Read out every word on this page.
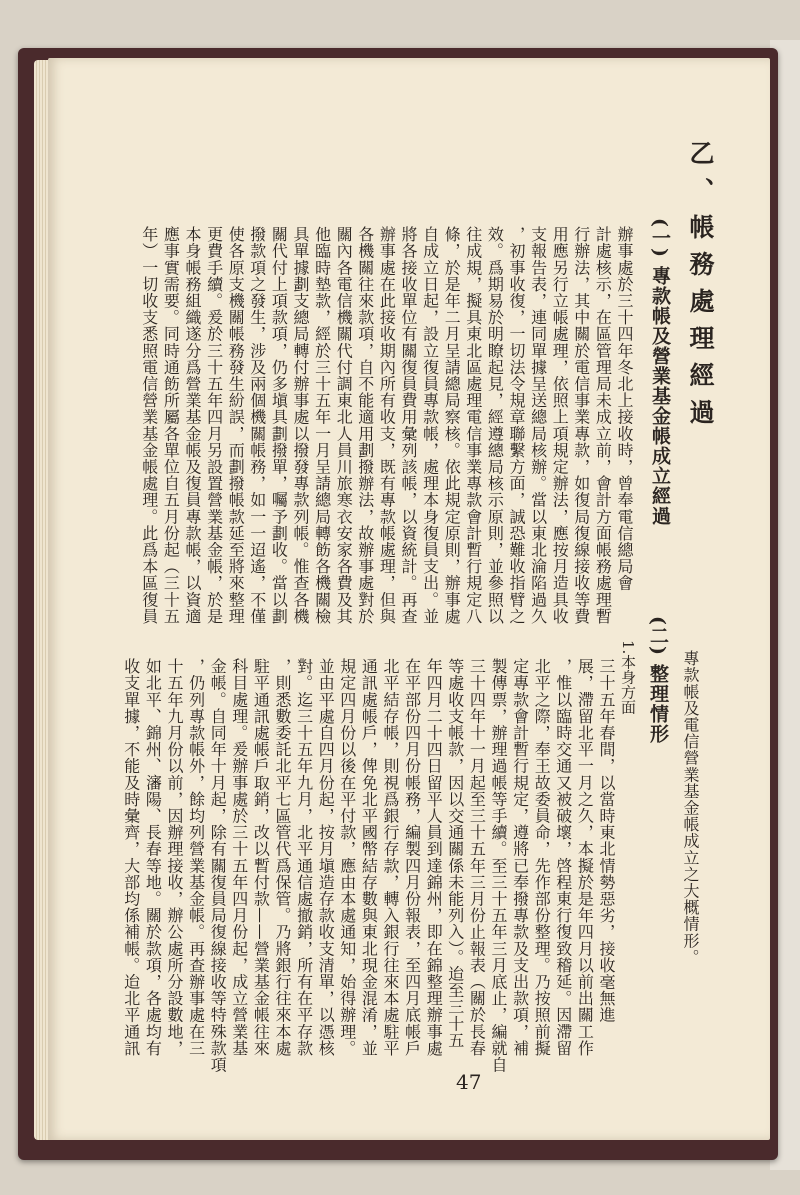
乙、帳務處理經過
(一) 專款帳及營業基金帳成立經過
辦事處於三十四年冬北上接收時，曾奉電信總局會
計處核示，在區管理局未成立前，會計方面帳務處理暫
行辦法，其中關於電信事業專款，如復局復線接收等費
用應另行立帳處理，依照上項規定辦法，應按月造具收
支報告表，連同單據呈送總局核辦。當以東北淪陷過久
，初事收復，一切法令規章聯繫方面，誠恐難收指臂之
效。爲期易於明瞭起見，經遵總局核示原則，並參照以
往成規，擬具東北區處理電信事業專款會計暫行規定八
條，於是年二月呈請總局察核。依此規定原則，辦事處
自成立日起，設立復員專款帳，處理本身復員支出。並
將各接收單位有關復員費用彙列該帳，以資統計。再查
辦事處在此接收期內所有收支，既有專款帳處理，但與
各機關往來款項，自不能適用劃撥辦法，故辦事處對於
關內各電信機關代付調東北人員川旅寒衣安家各費及其
他臨時墊款，經於三十五年一月呈請總局轉飭各機關檢
具單據劃支總局轉付辦事處以撥發專款列帳。惟查各機
關代付上項款項，仍多塡具劃撥單，囑予劃收。當以劃
撥款項之發生，涉及兩個機關帳務，如一一迢遙，不僅
使各原支機關帳務發生紛誤，而劃撥帳款延至將來整理
更費手續。爰於三十五年四月另設置營業基金帳，於是
本身帳務組織遂分爲營業基金帳及復員專款帳，以資適
應事實需要。同時通飭所屬各單位自五月份起（三十五
年）一切收支悉照電信營業基金帳處理。此爲本區復員
專款帳及電信營業基金帳成立之大概情形。
(二) 整理情形
1.本身方面
三十五年春間，以當時東北情勢惡劣，接收毫無進
展，滯留北平一月之久，本擬於是年四月以前出關工作
，惟以臨時交通又被破壞，啓程東行復致稽延。因滯留
北平之際，奉王故委員命，先作部份整理。乃按照前擬
定專款會計暫行規定，遵將已奉撥專款及支出款項，補
製傳票，辦理過帳等手續。至三十五年三月底止，編就自
三十四年十一月起至三十五年三月份止報表（關於長春
等處收支帳款，因以交通關係未能列入）。迨至三十五
年四月二十四日留平人員到達錦州，即在錦整理辦事處
在平部份四月份帳務，編製四月份報表，至四月底帳戶
北平結存帳，則視爲銀行存款，轉入銀行往來本處駐平
通訊處帳戶，俾免北平國幣結存數與東北現金混淆，並
規定四月份以後在平付款，應由本處通知，始得辦理。
並由平處自四月份起，按月塡造存款收支清單，以憑核
對。迄三十五年九月，北平通信處撤銷，所有在平存款
，則悉數委託北平七區管代爲保管。乃將銀行往來本處
駐平通訊處帳戶取銷，改以暫付款——營業基金帳往來
科目處理。爰辦事處於三十五年四月份起，成立營業基
金帳。自同年十月起，除有關復員局復線接收等特殊款項
，仍列專款帳外，餘均列營業基金帳。再查辦事處在三
十五年九月份以前，因辦理接收，辦公處所分設數地，
如北平、錦州、瀋陽、長春等地。關於款項，各處均有
收支單據，不能及時彙齊，大部均係補帳。迨北平通訊
47
